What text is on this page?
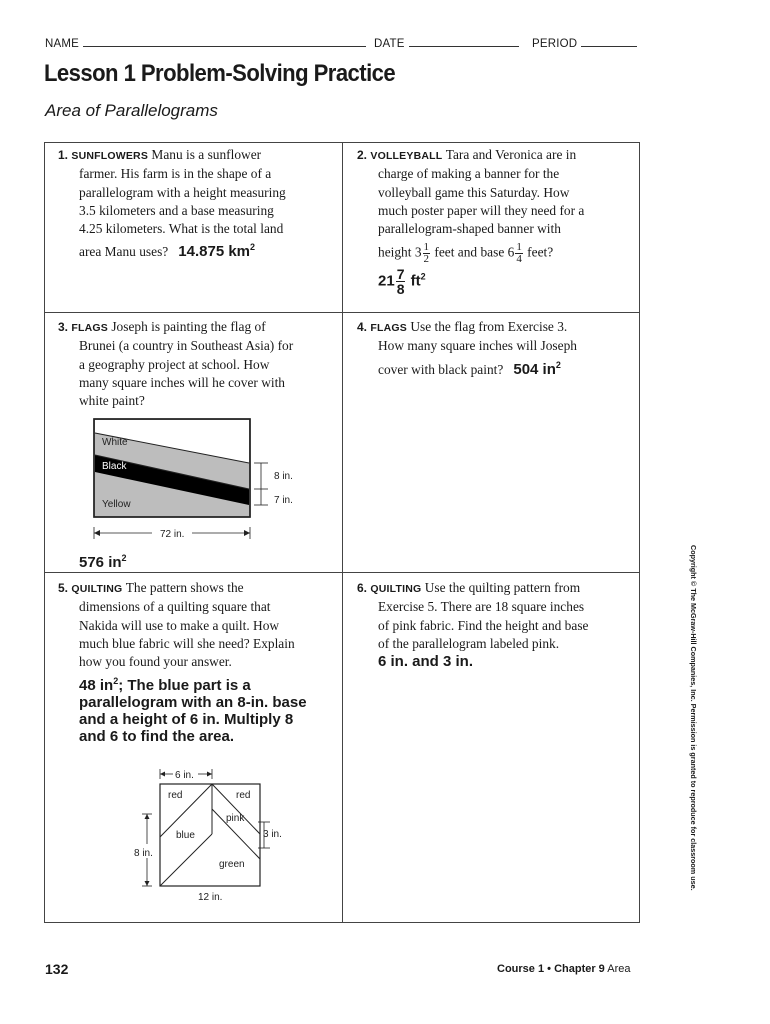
NAME	DATE	PERIOD
Lesson 1 Problem-Solving Practice
Area of Parallelograms
1. SUNFLOWERS Manu is a sunflower
farmer. His farm is in the shape of a
parallelogram with a height measuring
3.5 kilometers and a base measuring
4.25 kilometers. What is the total land
area Manu uses? 14.875 $km^2$
2. VOLLEYBALL Tara and Veronica are in
charge of making a banner for the
volleyball game this Saturday. How
much poster paper will they need for a
parallelogram-shaped banner with
height $3 \frac{1}{2}$ feet and base $6 \frac{1}{4}$ feet?
$21 \frac{7}{8} ft^2$
3. FLAGS Joseph is painting the flag of
Brunei (a country in Southeast Asia) for
a geography project at school. How
many square inches will he cover with
white paint?
White
Black
Yellow
8 in.
7 in.
72 in.
576 $in^2$
4. FLAGS Use the flag from Exercise 3.
How many square inches will Joseph
cover with black paint? 504 $in^2$
5. QUILTING The pattern shows the
dimensions of a quilting square that
Nakida will use to make a quilt. How
much blue fabric will she need? Explain
how you found your answer.
48 $in^2$; The blue part is a
parallelogram with an 8-in. base
and a height of 6 in. Multiply 8
and 6 to find the area.
6 in.
red	red
pink
blue
green
8 in.
3 in.
12 in.
6. QUILTING Use the quilting pattern from
Exercise 5. There are 18 square inches
of pink fabric. Find the height and base
of the parallelogram labeled pink.
6 in. and 3 in.	Copyright © The McGraw-Hill Companies, Inc. Permission is granted to reproduce for classroom use.
132	Course 1 • Chapter 9 Area
